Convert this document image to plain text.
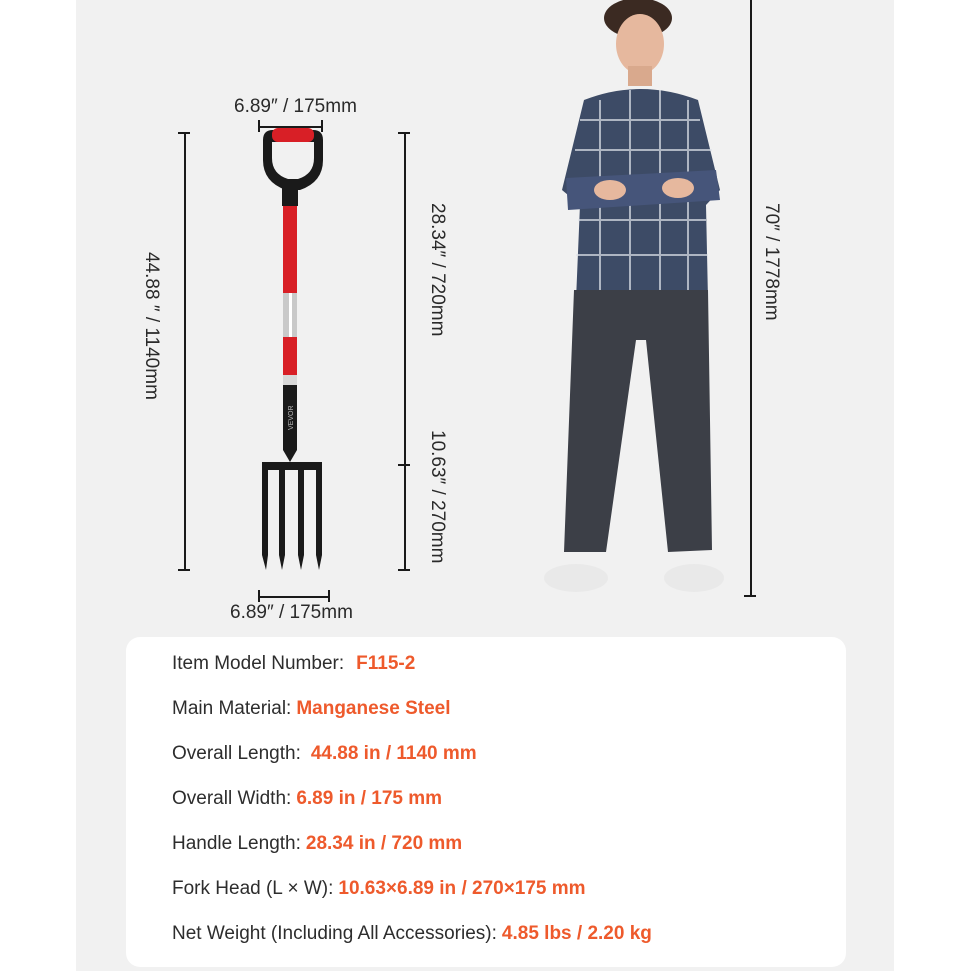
VEVOR
6.89″ / 175mm
6.89″ / 175mm
44.88 ″ / 1140mm	28.34″ / 720mm
10.63″ / 270mm
70″ / 1778mm
Item Model Number: F115-2
Main Material: Manganese Steel
Overall Length: 44.88 in / 1140 mm
Overall Width: 6.89 in / 175 mm
Handle Length: 28.34 in / 720 mm
Fork Head (L × W): 10.63×6.89 in / 270×175 mm
Net Weight (Including All Accessories): 4.85 lbs / 2.20 kg
